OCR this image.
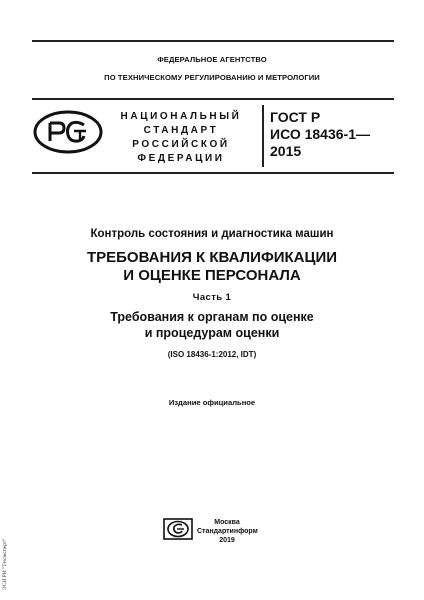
ФЕДЕРАЛЬНОЕ АГЕНТСТВО
ПО ТЕХНИЧЕСКОМУ РЕГУЛИРОВАНИЮ И МЕТРОЛОГИИ
НАЦИОНАЛЬНЫЙ
СТАНДАРТ
РОССИЙСКОЙ
ФЕДЕРАЦИИ
ГОСТ Р
ИСО 18436-1—
2015
Контроль состояния и диагностика машин
ТРЕБОВАНИЯ К КВАЛИФИКАЦИИ
И ОЦЕНКЕ ПЕРСОНАЛА
Часть 1
Требования к органам по оценке
и процедурам оценки
(ISO 18436-1:2012, IDT)
Издание официальное
Москва
Стандартинформ
2019
ЭСИ РИ "Техэксперт"
